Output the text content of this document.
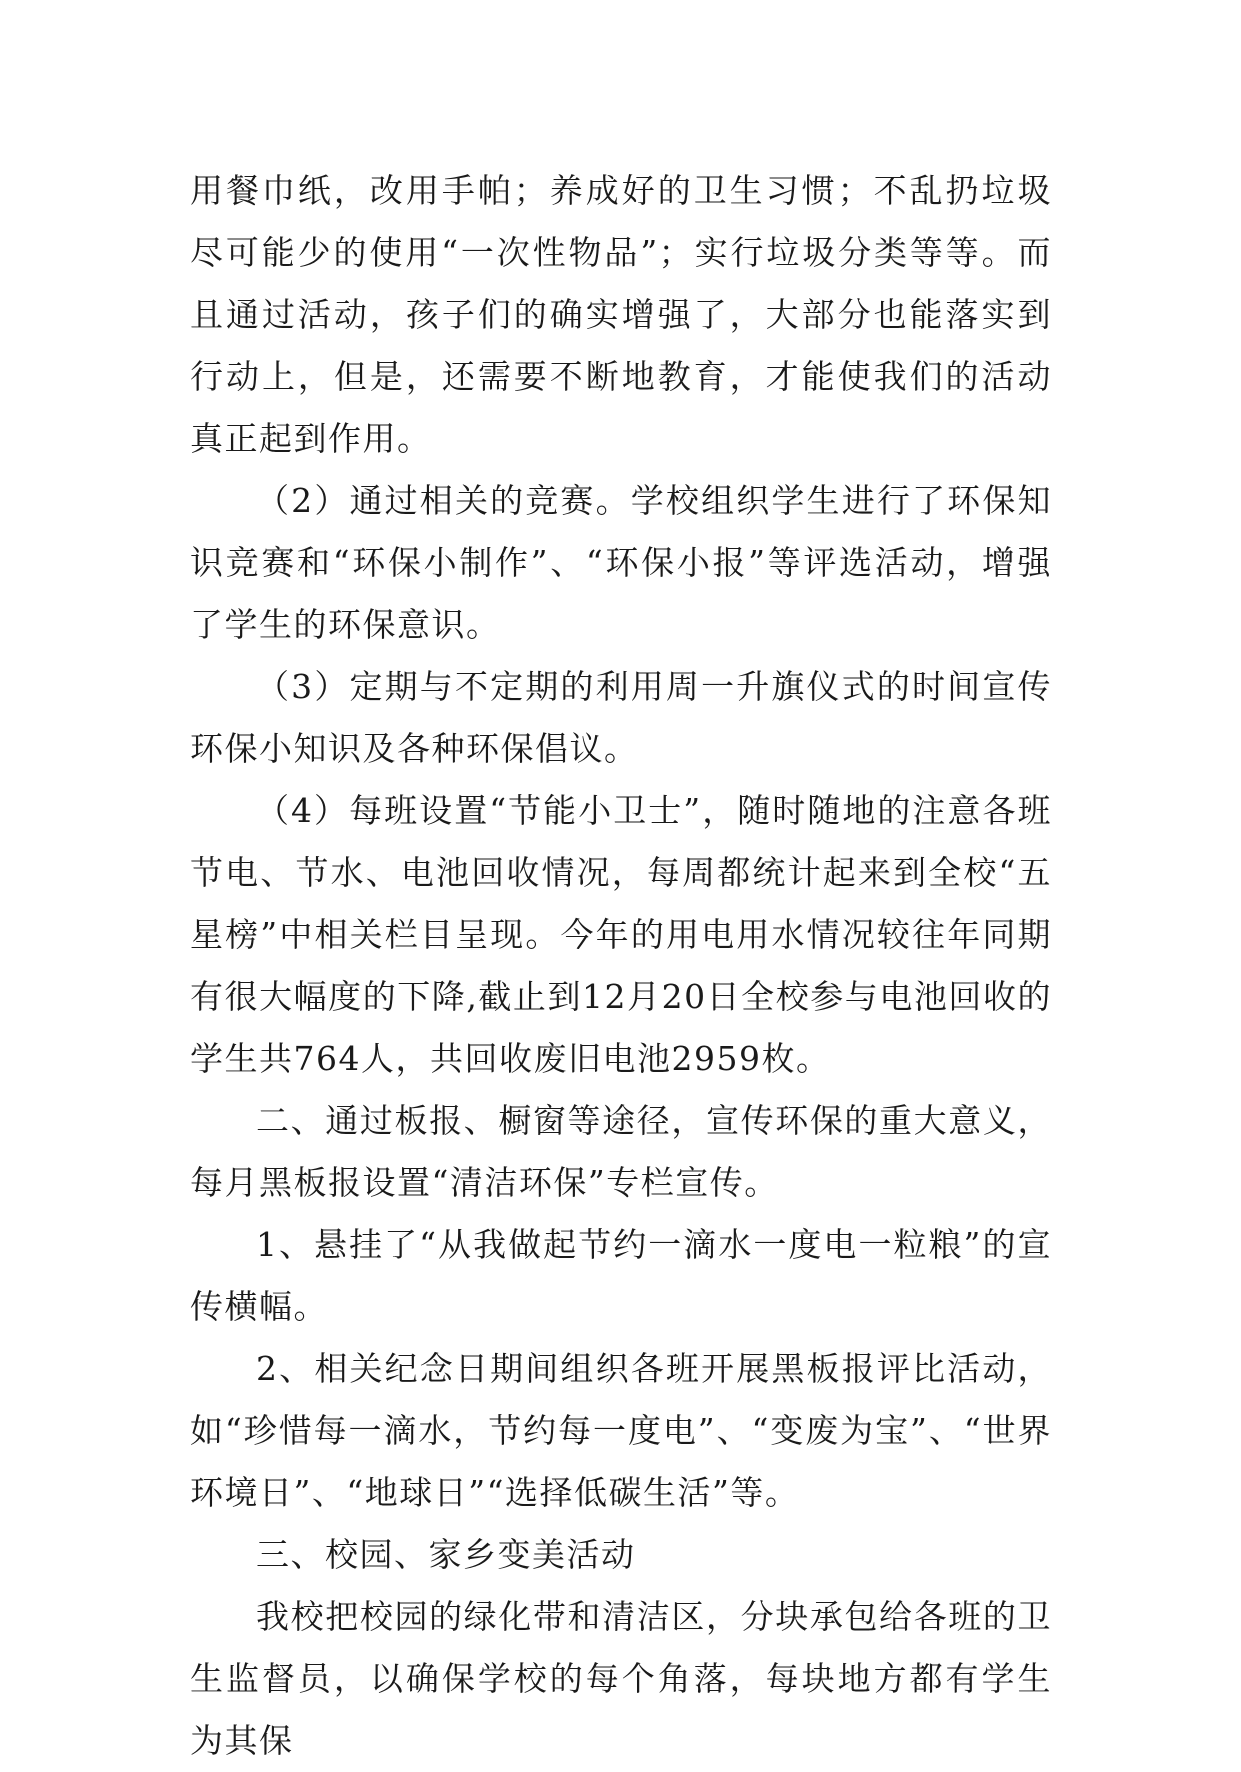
用餐巾纸，改用手帕；养成好的卫生习惯；不乱扔垃圾尽可能少的使用“一次性物品”；实行垃圾分类等等。而且通过活动，孩子们的确实增强了，大部分也能落实到行动上，但是，还需要不断地教育，才能使我们的活动真正起到作用。

（2）通过相关的竞赛。学校组织学生进行了环保知识竞赛和“环保小制作”、“环保小报”等评选活动，增强了学生的环保意识。

（3）定期与不定期的利用周一升旗仪式的时间宣传环保小知识及各种环保倡议。

（4）每班设置“节能小卫士”，随时随地的注意各班节电、节水、电池回收情况，每周都统计起来到全校“五星榜”中相关栏目呈现。今年的用电用水情况较往年同期有很大幅度的下降,截止到12月20日全校参与电池回收的学生共764人，共回收废旧电池2959枚。

二、通过板报、橱窗等途径，宣传环保的重大意义，每月黑板报设置“清洁环保”专栏宣传。

1、悬挂了“从我做起节约一滴水一度电一粒粮”的宣传横幅。

2、相关纪念日期间组织各班开展黑板报评比活动，如“珍惜每一滴水，节约每一度电”、“变废为宝”、“世界环境日”、“地球日”“选择低碳生活”等。

三、校园、家乡变美活动

我校把校园的绿化带和清洁区，分块承包给各班的卫生监督员，以确保学校的每个角落，每块地方都有学生为其保
